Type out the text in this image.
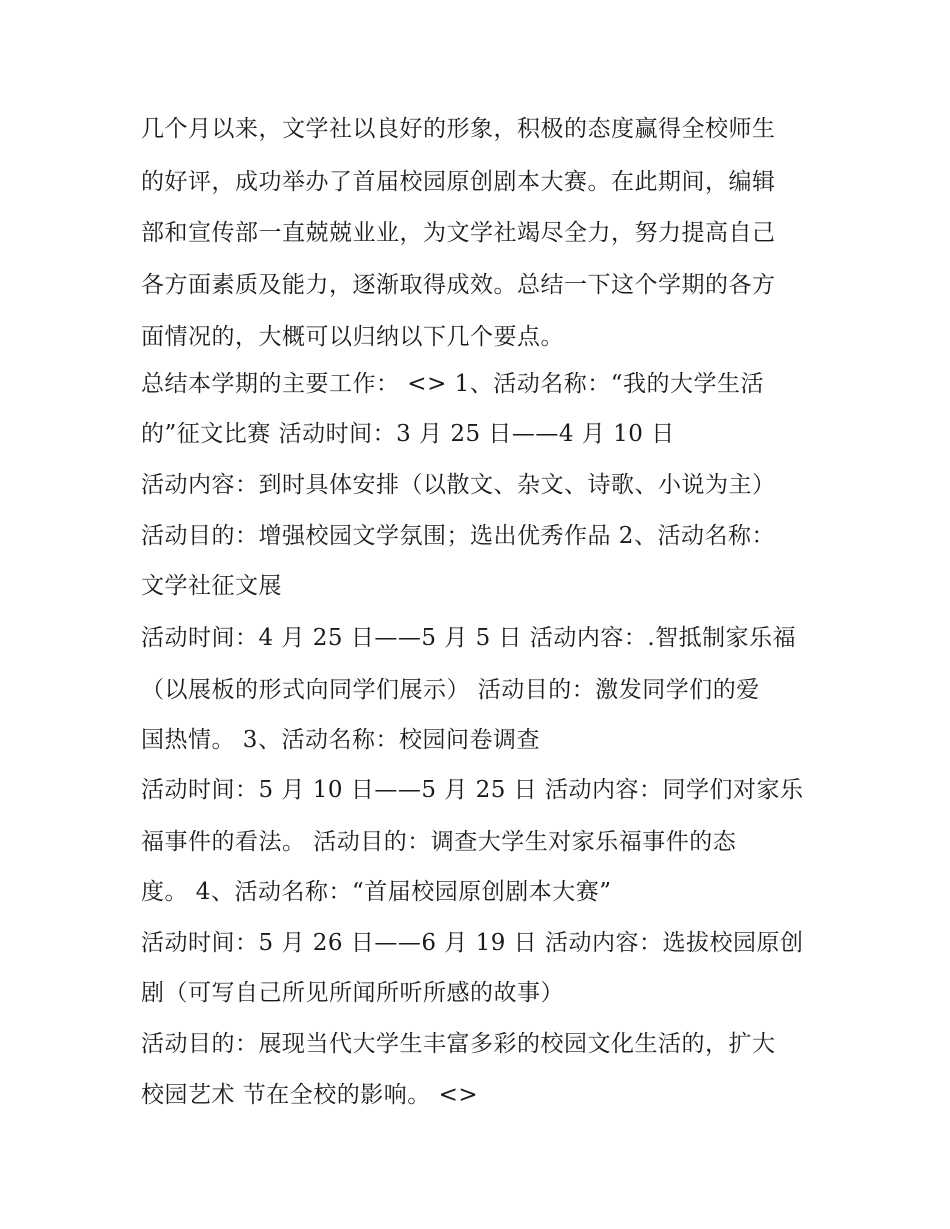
几个月以来，文学社以良好的形象，积极的态度赢得全校师生
的好评，成功举办了首届校园原创剧本大赛。在此期间，编辑
部和宣传部一直兢兢业业，为文学社竭尽全力，努力提高自己
各方面素质及能力，逐渐取得成效。总结一下这个学期的各方
面情况的，大概可以归纳以下几个要点。
总结本学期的主要工作： <> 1、活动名称：“我的大学生活
的”征文比赛 活动时间：3 月 25 日——4 月 10 日
活动内容：到时具体安排（以散文、杂文、诗歌、小说为主）
活动目的：增强校园文学氛围；选出优秀作品 2、活动名称：
文学社征文展
活动时间：4 月 25 日——5 月 5 日 活动内容：.智抵制家乐福
（以展板的形式向同学们展示） 活动目的：激发同学们的爱
国热情。 3、活动名称：校园问卷调查
活动时间：5 月 10 日——5 月 25 日 活动内容：同学们对家乐
福事件的看法。 活动目的：调查大学生对家乐福事件的态
度。 4、活动名称：“首届校园原创剧本大赛”
活动时间：5 月 26 日——6 月 19 日 活动内容：选拔校园原创
剧（可写自己所见所闻所听所感的故事）
活动目的：展现当代大学生丰富多彩的校园文化生活的，扩大
校园艺术 节在全校的影响。 <>
